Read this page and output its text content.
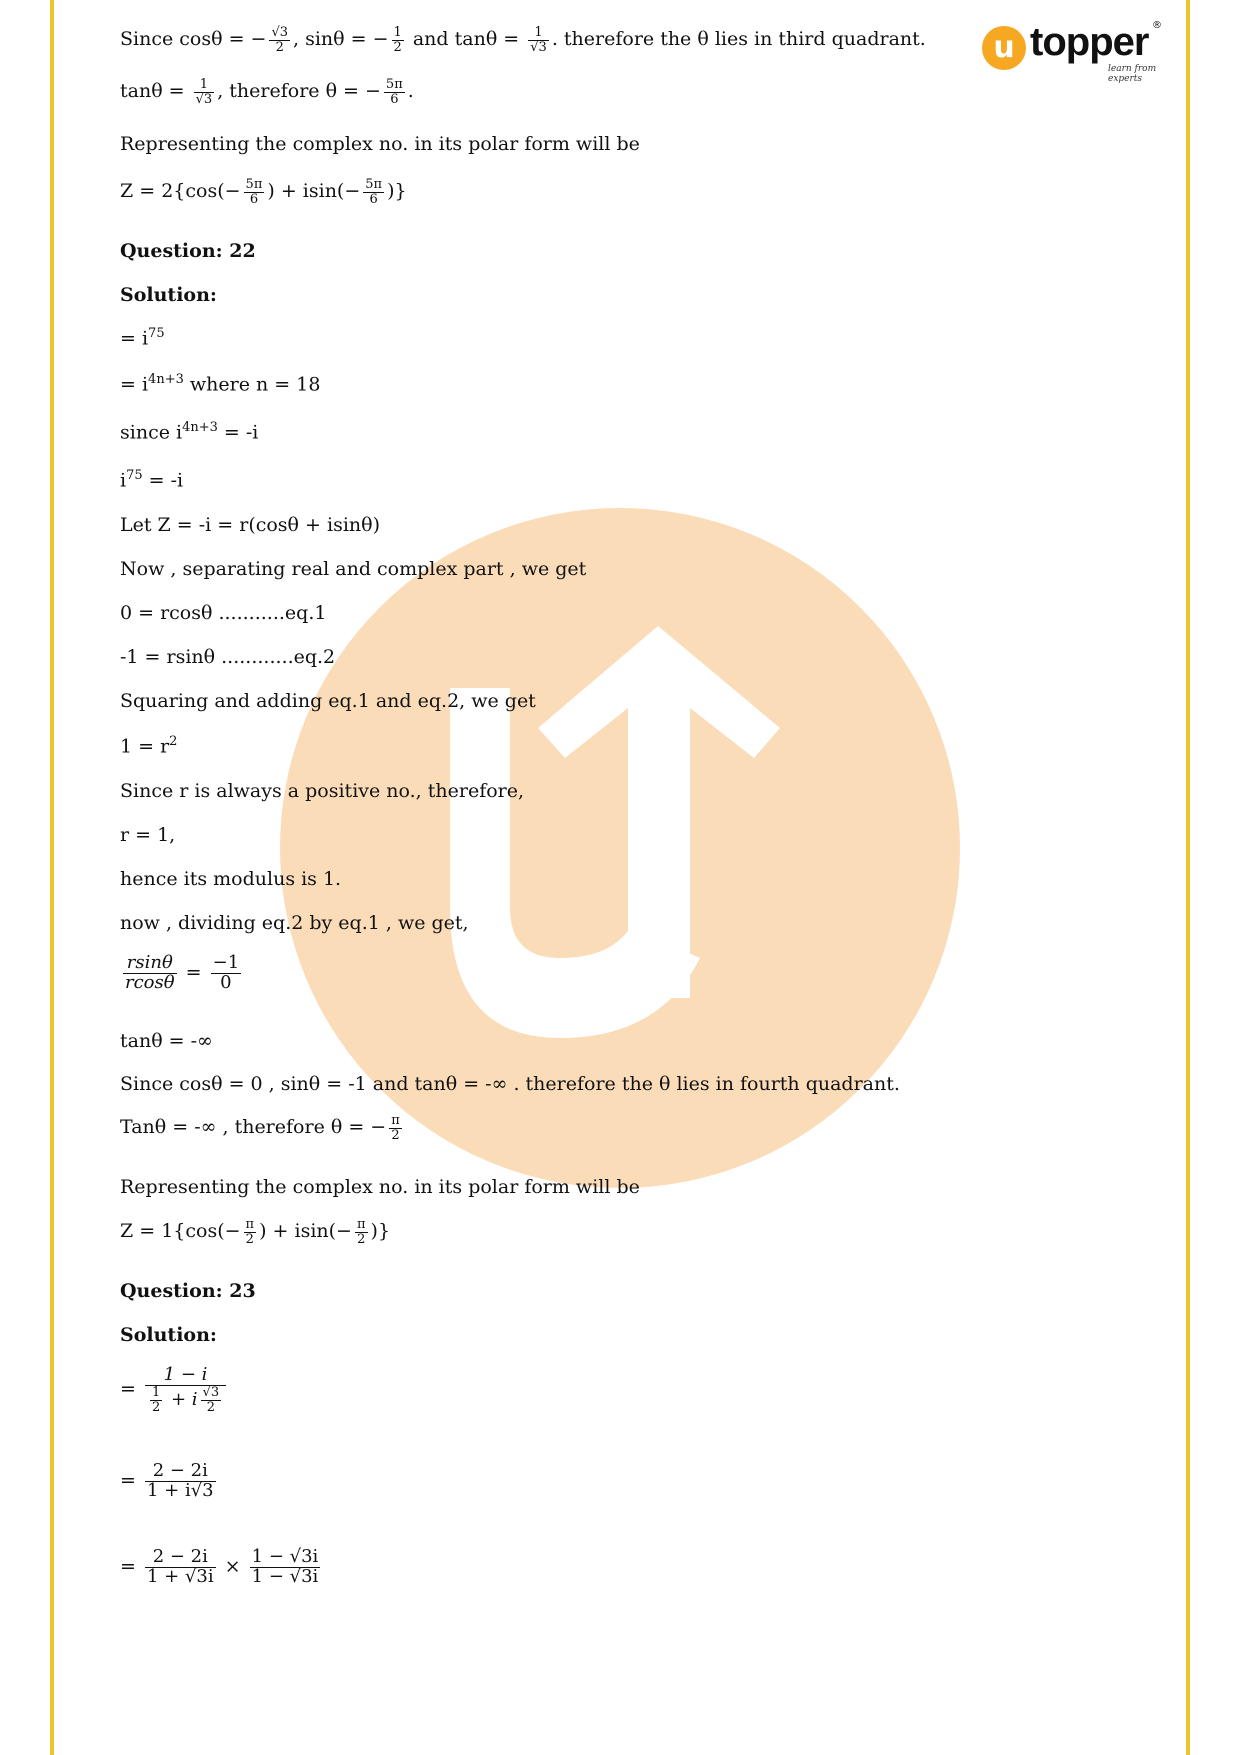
u topper
learn from experts
®
Since cosθ = − $\frac{√3}{2}$ , sinθ = − $\frac{1}{2}$ and $\tan\theta = \frac{1}{√3}$ . therefore the θ lies in third quadrant.
$\tan\theta = \frac{1}{√3}$ , therefore θ = − $\frac{5\pi}{6}$ .
Representing the complex no. in its polar form will be
$Z = 2\{\cos(- \frac{5\pi}{6}$ ) + $isin(- \frac{5\pi}{6}$ )}
Question: 22
Solution:
= $i^{75}$
= $i^{4n+3}$ where n = 18
since $i^{4n+3} = -i$
$i^{75} = -i$
Let Z = -i = r(cosθ + isinθ)
Now , separating real and complex part , we get
0 = rcosθ ...........eq.1
-1 = rsinθ ............eq.2
Squaring and adding eq.1 and eq.2, we get
$1 = r^2$
Since r is always a positive no., therefore,
r = 1,
hence its modulus is 1.
now , dividing eq.2 by eq.1 , we get,
$\frac{rsin\theta}{rcos\theta} = \frac{-1}{0}$
tanθ = -∞
Since cosθ = 0 , sinθ = -1 and tanθ = -∞ . therefore the θ lies in fourth quadrant.
Tanθ = -∞ , therefore θ = − $\frac{\pi}{2}$
Representing the complex no. in its polar form will be
$Z = 1\{\cos(- \frac{\pi}{2}$ ) + $isin(- \frac{\pi}{2}$ )}
Question: 23
Solution:
= $\frac{1 - i}{\frac{1}{2} + i \frac{√3}{2}}$
= $\frac{2 - 2i}{1 + i√3}$
= $\frac{2 - 2i}{1 + √3i} \times \frac{1 - √3i}{1 - √3i}$
